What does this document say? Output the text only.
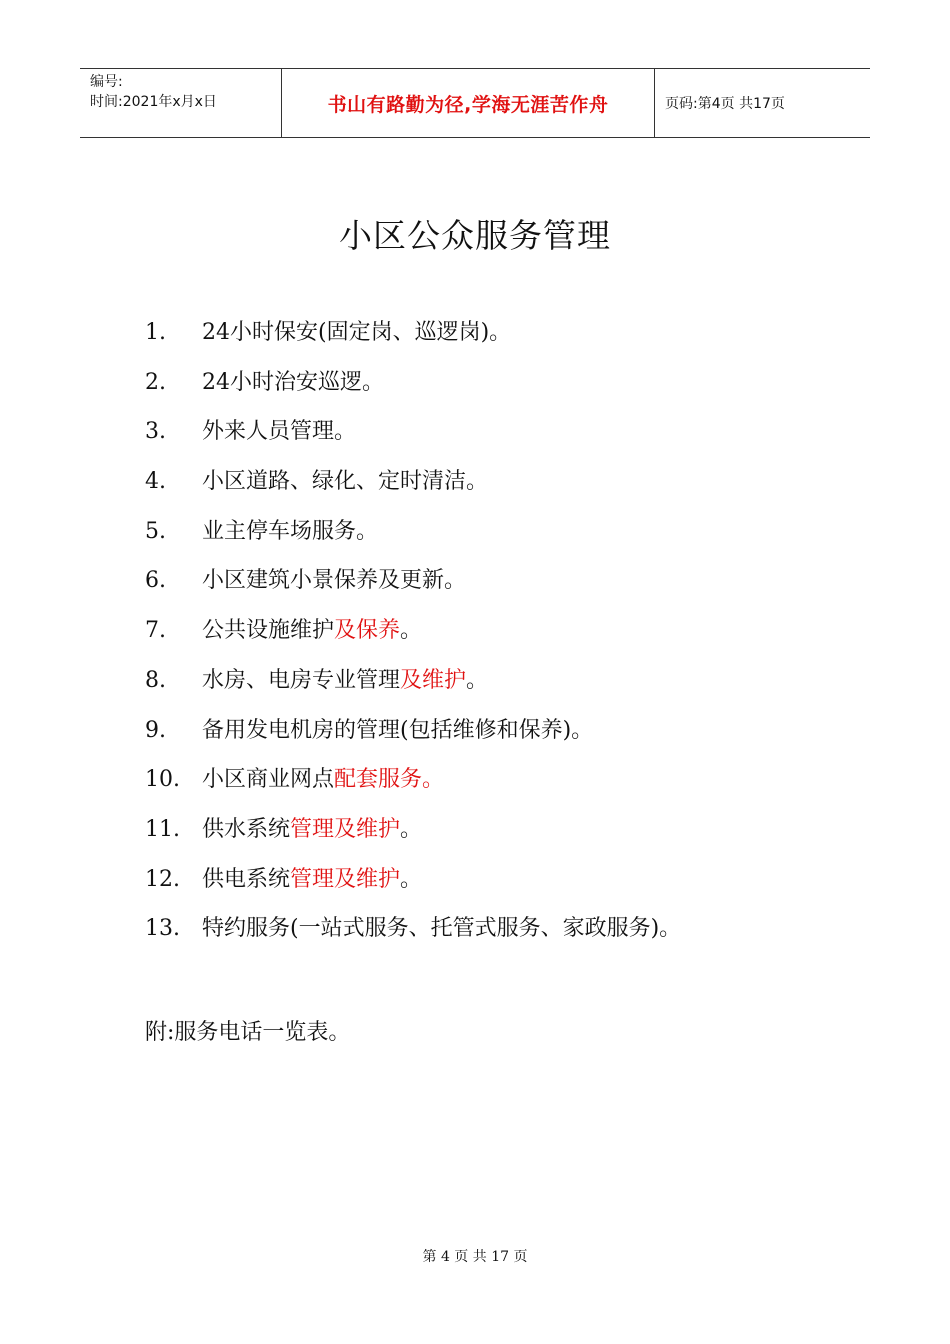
编号:
时间:2021年x月x日	书山有路勤为径,学海无涯苦作舟	页码:第4页 共17页
小区公众服务管理
1. 24小时保安(固定岗、巡逻岗)。
2. 24小时治安巡逻。
3. 外来人员管理。
4. 小区道路、绿化、定时清洁。
5. 业主停车场服务。
6. 小区建筑小景保养及更新。
7. 公共设施维护及保养。
8. 水房、电房专业管理及维护。
9. 备用发电机房的管理(包括维修和保养)。
10. 小区商业网点配套服务。
11. 供水系统管理及维护。
12. 供电系统管理及维护。
13. 特约服务(一站式服务、托管式服务、家政服务)。
附:服务电话一览表。
第 4 页 共 17 页
